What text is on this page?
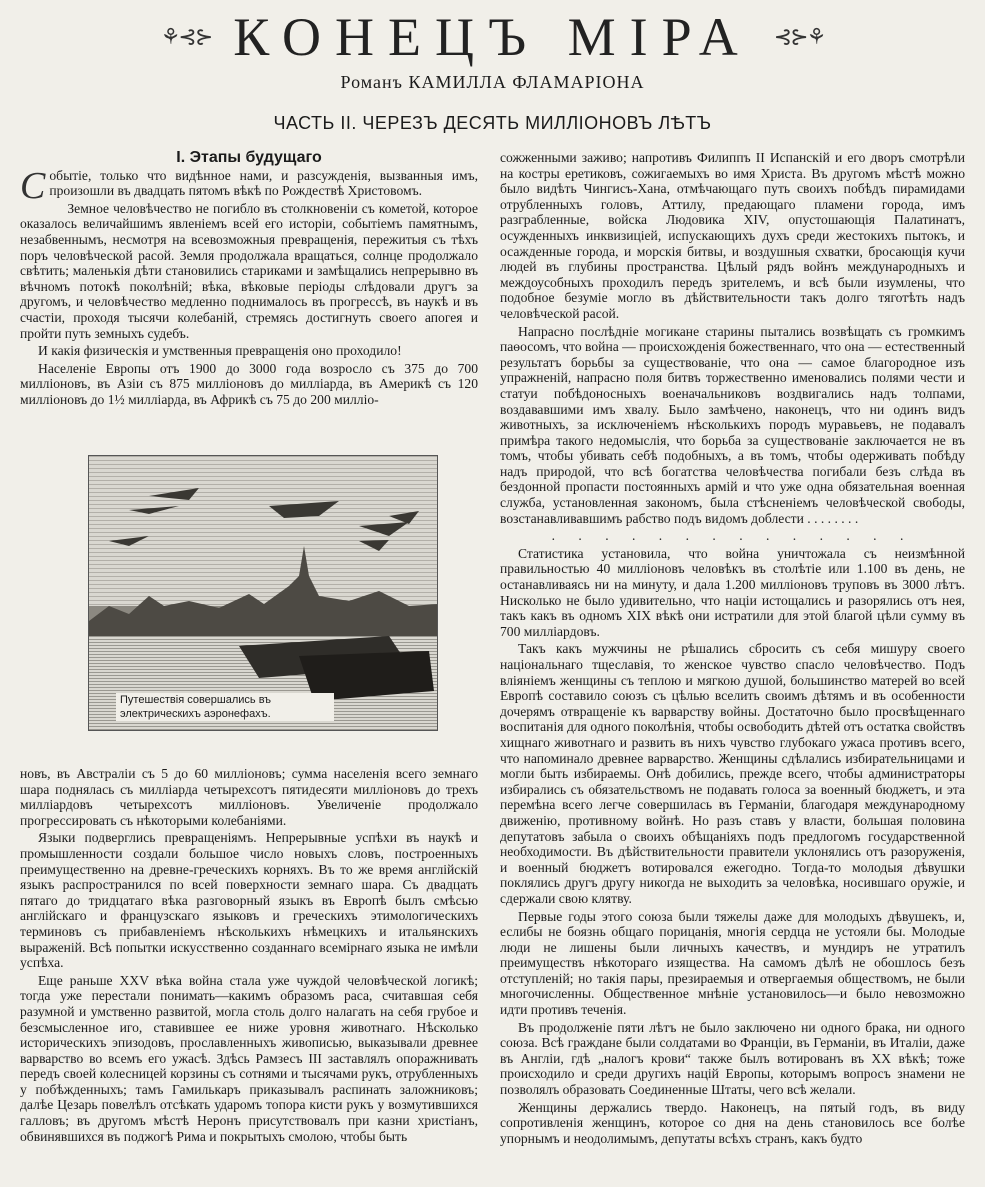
⚘⊰⊱ КОНЕЦЪ МІРА ⊰⊱⚘
Романъ КАМИЛЛА ФЛАМАРІОНА
ЧАСТЬ II. ЧЕРЕЗЪ ДЕСЯТЬ МИЛЛІОНОВЪ ЛѢТЪ

I. Этапы будущаго

Событіе, только что видѣнное нами, и разсужденія, вызванныя имъ, произошли въ двадцать пятомъ вѣкѣ по Рождествѣ Христовомъ.

Земное человѣчество не погибло въ столкновеніи съ кометой, которое оказалось величайшимъ явленіемъ всей его исторіи, событіемъ памятнымъ, незабвеннымъ, несмотря на всевозможныя превращенія, пережитыя съ тѣхъ поръ человѣческой расой. Земля продолжала вращаться, солнце продолжало свѣтить; маленькія дѣти становились стариками и замѣщались непрерывно въ вѣчномъ потокѣ поколѣній; вѣка, вѣковые періоды слѣдовали другъ за другомъ, и человѣчество медленно поднималось въ прогрессѣ, въ наукѣ и въ счастіи, проходя тысячи колебаній, стремясь достигнуть своего апогея и пройти путь земныхъ судебъ.

И какія физическія и умственныя превращенія оно проходило!

Населеніе Европы отъ 1900 до 3000 года возросло съ 375 до 700 милліоновъ, въ Азіи съ 875 милліоновъ до милліарда, въ Америкѣ съ 120 милліоновъ до 1½ милліарда, въ Африкѣ съ 75 до 200 милліо-

Путешествія совершались въ электрическихъ аэронефахъ.

новъ, въ Австраліи съ 5 до 60 милліоновъ; сумма населенія всего земнаго шара поднялась съ милліарда четырехсотъ пятидесяти милліоновъ до трехъ милліардовъ четырехсотъ милліоновъ. Увеличеніе продолжало прогрессировать съ нѣкоторыми колебаніями.

Языки подверглись превращеніямъ. Непрерывные успѣхи въ наукѣ и промышленности создали большое число новыхъ словъ, построенныхъ преимущественно на древне-греческихъ корняхъ. Въ то же время англійскій языкъ распространился по всей поверхности земнаго шара. Съ двадцать пятаго до тридцатаго вѣка разговорный языкъ въ Европѣ былъ смѣсью англійскаго и французскаго языковъ и греческихъ этимологическихъ терминовъ съ прибавленіемъ нѣсколькихъ нѣмецкихъ и итальянскихъ выраженій. Всѣ попытки искусственно созданнаго всемірнаго языка не имѣли успѣха.

Еще раньше XXV вѣка война стала уже чуждой человѣческой логикѣ; тогда уже перестали понимать—какимъ образомъ раса, считавшая себя разумной и умственно развитой, могла столь долго налагать на себя грубое и безсмысленное иго, ставившее ее ниже уровня животнаго. Нѣсколько историческихъ эпизодовъ, прославленныхъ живописью, выказывали древнее варварство во всемъ его ужасѣ. Здѣсь Рамзесъ III заставлялъ опоражнивать передъ своей колесницей корзины съ сотнями и тысячами рукъ, отрубленныхъ у побѣжденныхъ; тамъ Гамилькаръ приказывалъ распинать заложниковъ; далѣе Цезарь повелѣлъ отсѣкать ударомъ топора кисти рукъ у возмутившихся галловъ; въ другомъ мѣстѣ Неронъ присутствовалъ при казни христіанъ, обвинявшихся въ поджогѣ Рима и покрытыхъ смолою, чтобы быть

сожженными заживо; напротивъ Филиппъ II Испанскій и его дворъ смотрѣли на костры еретиковъ, сожигаемыхъ во имя Христа. Въ другомъ мѣстѣ можно было видѣть Чингисъ-Хана, отмѣчающаго путь своихъ побѣдъ пирамидами отрубленныхъ головъ, Аттилу, предающаго пламени города, имъ разграбленные, войска Людовика XIV, опустошающія Палатинатъ, осужденныхъ инквизиціей, испускающихъ духъ среди жестокихъ пытокъ, и осажденные города, и морскія битвы, и воздушныя схватки, бросающія кучи людей въ глубины пространства. Цѣлый рядъ войнъ международныхъ и междоусобныхъ проходилъ передъ зрителемъ, и всѣ были изумлены, что подобное безуміе могло въ дѣйствительности такъ долго тяготѣть надъ человѣческой расой.

Напрасно послѣдніе могикане старины пытались возвѣщать съ громкимъ паѳосомъ, что война — происхожденія божественнаго, что она — естественный результатъ борьбы за существованіе, что она — самое благородное изъ упражненій, напрасно поля битвъ торжественно именовались полями чести и статуи побѣдоносныхъ военачальниковъ воздвигались надъ толпами, воздававшими имъ хвалу. Было замѣчено, наконецъ, что ни одинъ видъ животныхъ, за исключеніемъ нѣсколькихъ породъ муравьевъ, не подавалъ примѣра такого недомыслія, что борьба за существованіе заключается не въ томъ, чтобы убивать себѣ подобныхъ, а въ томъ, чтобы одерживать побѣду надъ природой, что всѣ богатства человѣчества погибали безъ слѣда въ бездонной пропасти постоянныхъ армій и что уже одна обязательная военная служба, установленная закономъ, была стѣсненіемъ человѣческой свободы, возстанавливавшимъ рабство подъ видомъ доблести . . . . . . . .

. . . . . . . . . . . . . .

Статистика установила, что война уничтожала съ неизмѣнной правильностью 40 милліоновъ человѣкъ въ столѣтіе или 1.100 въ день, не останавливаясь ни на минуту, и дала 1.200 милліоновъ труповъ въ 3000 лѣтъ. Нисколько не было удивительно, что націи истощались и разорялись отъ нея, такъ какъ въ одномъ XIX вѣкѣ они истратили для этой благой цѣли сумму въ 700 милліардовъ.

Такъ какъ мужчины не рѣшались сбросить съ себя мишуру своего національнаго тщеславія, то женское чувство спасло человѣчество. Подъ вліяніемъ женщины съ теплою и мягкою душой, большинство матерей во всей Европѣ составило союзъ съ цѣлью вселить своимъ дѣтямъ и въ особенности дочерямъ отвращеніе къ варварству войны. Достаточно было просвѣщеннаго воспитанія для одного поколѣнія, чтобы освободить дѣтей отъ остатка свойствъ хищнаго животнаго и развить въ нихъ чувство глубокаго ужаса противъ всего, что напоминало древнее варварство. Женщины сдѣлались избирательницами и могли быть избираемы. Онѣ добились, прежде всего, чтобы администраторы избирались съ обязательствомъ не подавать голоса за военный бюджетъ, и эта перемѣна всего легче совершилась въ Германіи, благодаря международному движенію, противному войнѣ. Но разъ ставъ у власти, большая половина депутатовъ забыла о своихъ обѣщаніяхъ подъ предлогомъ государственной необходимости. Въ дѣйствительности правители уклонялись отъ разоруженія, и военный бюджетъ вотировался ежегодно. Тогда-то молодыя дѣвушки поклялись другъ другу никогда не выходить за человѣка, носившаго оружіе, и сдержали свою клятву.

Первые годы этого союза были тяжелы даже для молодыхъ дѣвушекъ, и, еслибы не боязнь общаго порицанія, многія сердца не устояли бы. Молодые люди не лишены были личныхъ качествъ, и мундиръ не утратилъ преимуществъ нѣкотораго изящества. На самомъ дѣлѣ не обошлось безъ отступленій; но такія пары, презираемыя и отвергаемыя обществомъ, не были многочисленны. Общественное мнѣніе установилось—и было невозможно идти противъ теченія.

Въ продолженіе пяти лѣтъ не было заключено ни одного брака, ни одного союза. Всѣ граждане были солдатами во Франціи, въ Германіи, въ Италіи, даже въ Англіи, гдѣ „налогъ крови“ также былъ вотированъ въ XX вѣкѣ; тоже происходило и среди другихъ націй Европы, которымъ вопросъ знамени не позволялъ образовать Соединенные Штаты, чего всѣ желали.

Женщины держались твердо. Наконецъ, на пятый годъ, въ виду сопротивленія женщинъ, которое со дня на день становилось все болѣе упорнымъ и неодолимымъ, депутаты всѣхъ странъ, какъ будто
